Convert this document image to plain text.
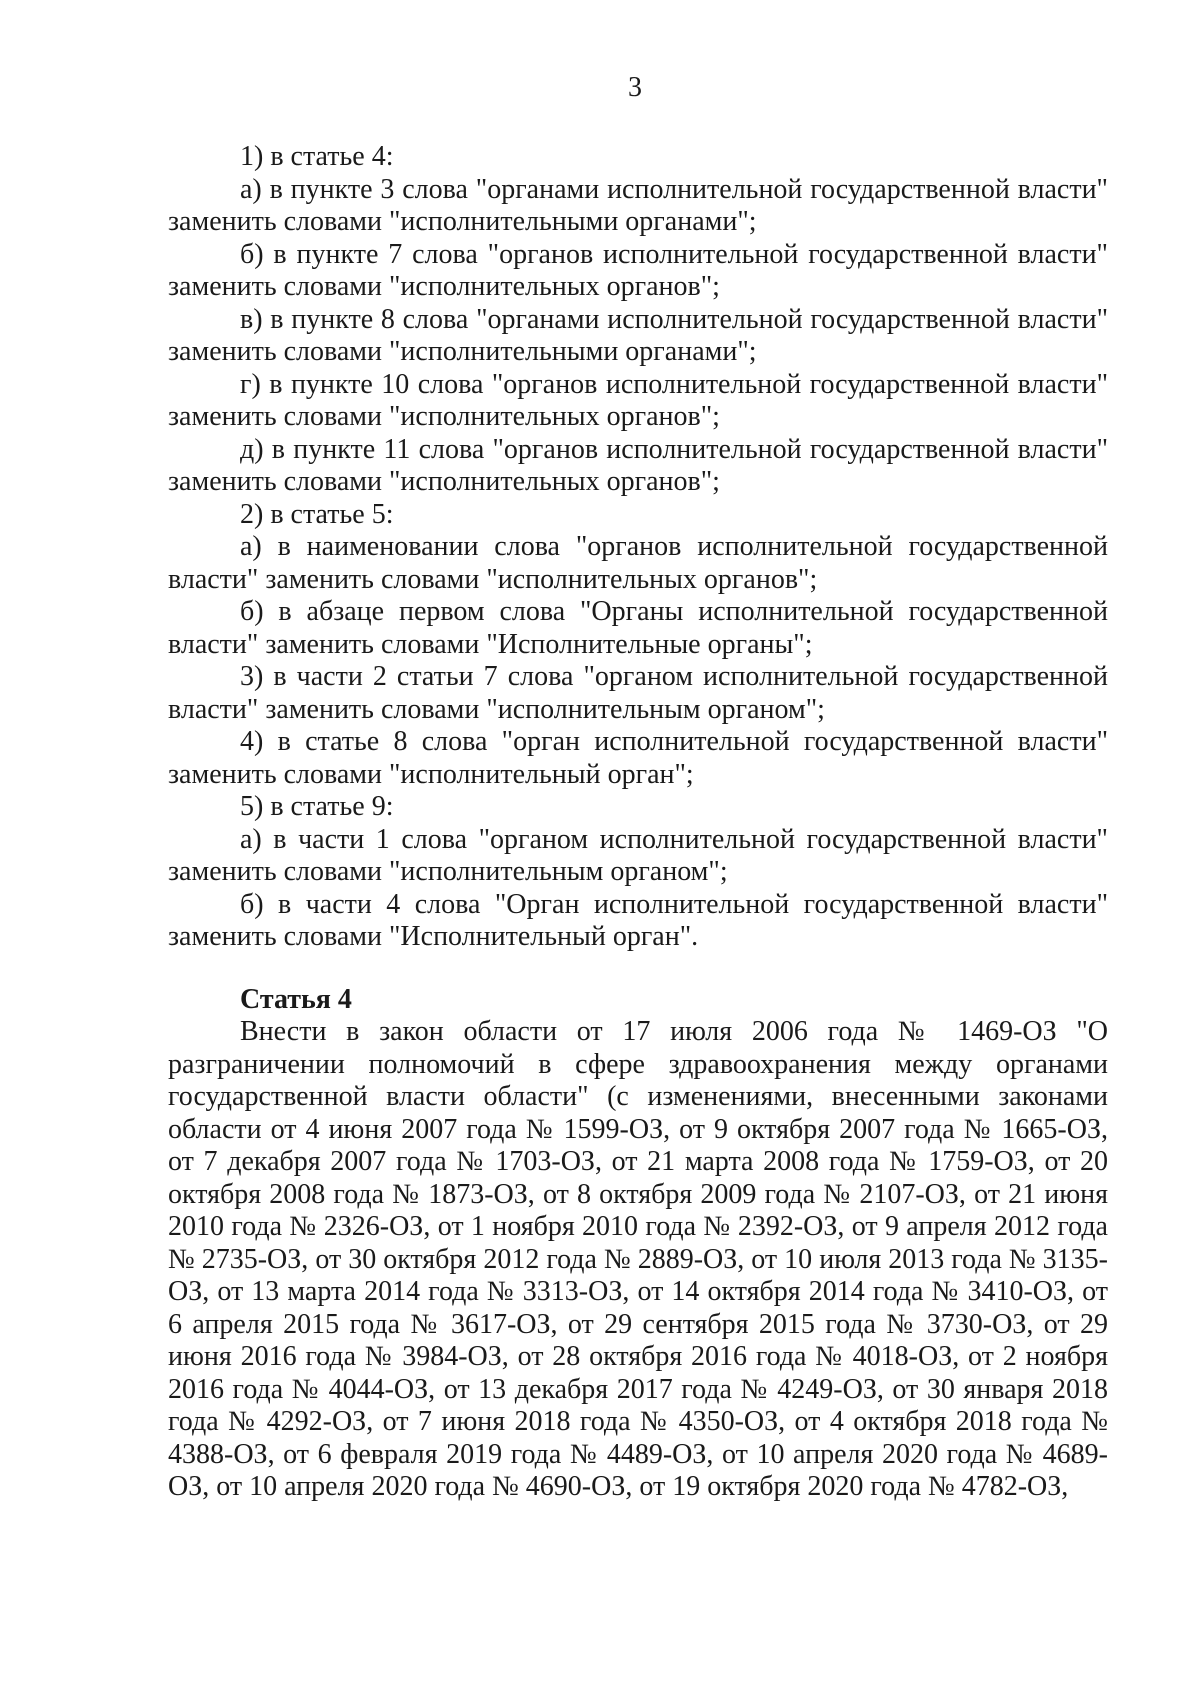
3

1) в статье 4:

а) в пункте 3 слова "органами исполнительной государственной власти" заменить словами "исполнительными органами";

б) в пункте 7 слова "органов исполнительной государственной власти" заменить словами "исполнительных органов";

в) в пункте 8 слова "органами исполнительной государственной власти" заменить словами "исполнительными органами";

г) в пункте 10 слова "органов исполнительной государственной власти" заменить словами "исполнительных органов";

д) в пункте 11 слова "органов исполнительной государственной власти" заменить словами "исполнительных органов";

2) в статье 5:

а) в наименовании слова "органов исполнительной государственной власти" заменить словами "исполнительных органов";

б) в абзаце первом слова "Органы исполнительной государственной власти" заменить словами "Исполнительные органы";

3) в части 2 статьи 7 слова "органом исполнительной государственной власти" заменить словами "исполнительным органом";

4) в статье 8 слова "орган исполнительной государственной власти" заменить словами "исполнительный орган";

5) в статье 9:

а) в части 1 слова "органом исполнительной государственной власти" заменить словами "исполнительным органом";

б) в части 4 слова "Орган исполнительной государственной власти" заменить словами "Исполнительный орган".

Статья 4

Внести в закон области от 17 июля 2006 года № 1469-ОЗ "О разграничении полномочий в сфере здравоохранения между органами государственной власти области" (с изменениями, внесенными законами области от 4 июня 2007 года № 1599-ОЗ, от 9 октября 2007 года № 1665-ОЗ, от 7 декабря 2007 года № 1703-ОЗ, от 21 марта 2008 года № 1759-ОЗ, от 20 октября 2008 года № 1873-ОЗ, от 8 октября 2009 года № 2107-ОЗ, от 21 июня 2010 года № 2326-ОЗ, от 1 ноября 2010 года № 2392-ОЗ, от 9 апреля 2012 года № 2735-ОЗ, от 30 октября 2012 года № 2889-ОЗ, от 10 июля 2013 года № 3135-ОЗ, от 13 марта 2014 года № 3313-ОЗ, от 14 октября 2014 года № 3410-ОЗ, от 6 апреля 2015 года № 3617-ОЗ, от 29 сентября 2015 года № 3730-ОЗ, от 29 июня 2016 года № 3984-ОЗ, от 28 октября 2016 года № 4018-ОЗ, от 2 ноября 2016 года № 4044-ОЗ, от 13 декабря 2017 года № 4249-ОЗ, от 30 января 2018 года № 4292-ОЗ, от 7 июня 2018 года № 4350-ОЗ, от 4 октября 2018 года № 4388-ОЗ, от 6 февраля 2019 года № 4489-ОЗ, от 10 апреля 2020 года № 4689-ОЗ, от 10 апреля 2020 года № 4690-ОЗ, от 19 октября 2020 года № 4782-ОЗ,
